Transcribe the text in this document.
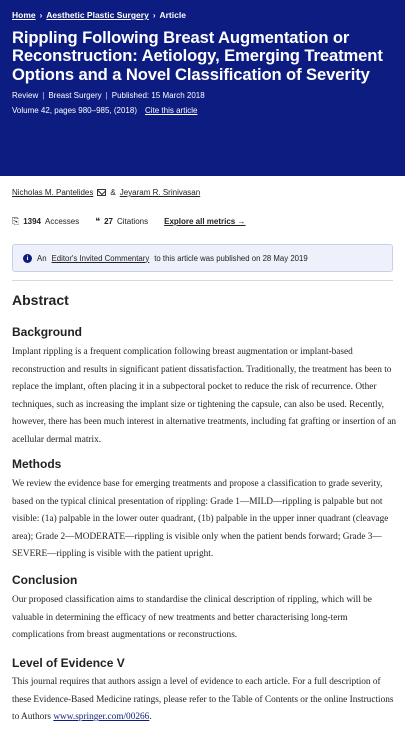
Home › Aesthetic Plastic Surgery › Article
Rippling Following Breast Augmentation or Reconstruction: Aetiology, Emerging Treatment Options and a Novel Classification of Severity
Review | Breast Surgery | Published: 15 March 2018
Volume 42, pages 980–985, (2018) Cite this article
Nicholas M. Pantelides & Jeyaram R. Srinivasan
⎘ 1394 Accesses ❝ 27 Citations Explore all metrics →
i	An Editor's Invited Commentary to this article was published on 28 May 2019
Abstract
Background

Implant rippling is a frequent complication following breast augmentation or implant-based reconstruction and results in significant patient dissatisfaction. Traditionally, the treatment has been to replace the implant, often placing it in a subpectoral pocket to reduce the risk of recurrence. Other techniques, such as increasing the implant size or tightening the capsule, can also be used. Recently, however, there has been much interest in alternative treatments, including fat grafting or insertion of an acellular dermal matrix.

Methods

We review the evidence base for emerging treatments and propose a classification to grade severity, based on the typical clinical presentation of rippling: Grade 1—MILD—rippling is palpable but not visible: (1a) palpable in the lower outer quadrant, (1b) palpable in the upper inner quadrant (cleavage area); Grade 2—MODERATE—rippling is visible only when the patient bends forward; Grade 3—SEVERE—rippling is visible with the patient upright.

Conclusion

Our proposed classification aims to standardise the clinical description of rippling, which will be valuable in determining the efficacy of new treatments and better characterising long-term complications from breast augmentations or reconstructions.

Level of Evidence V

This journal requires that authors assign a level of evidence to each article. For a full description of these Evidence-Based Medicine ratings, please refer to the Table of Contents or the online Instructions to Authors www.springer.com/00266.
